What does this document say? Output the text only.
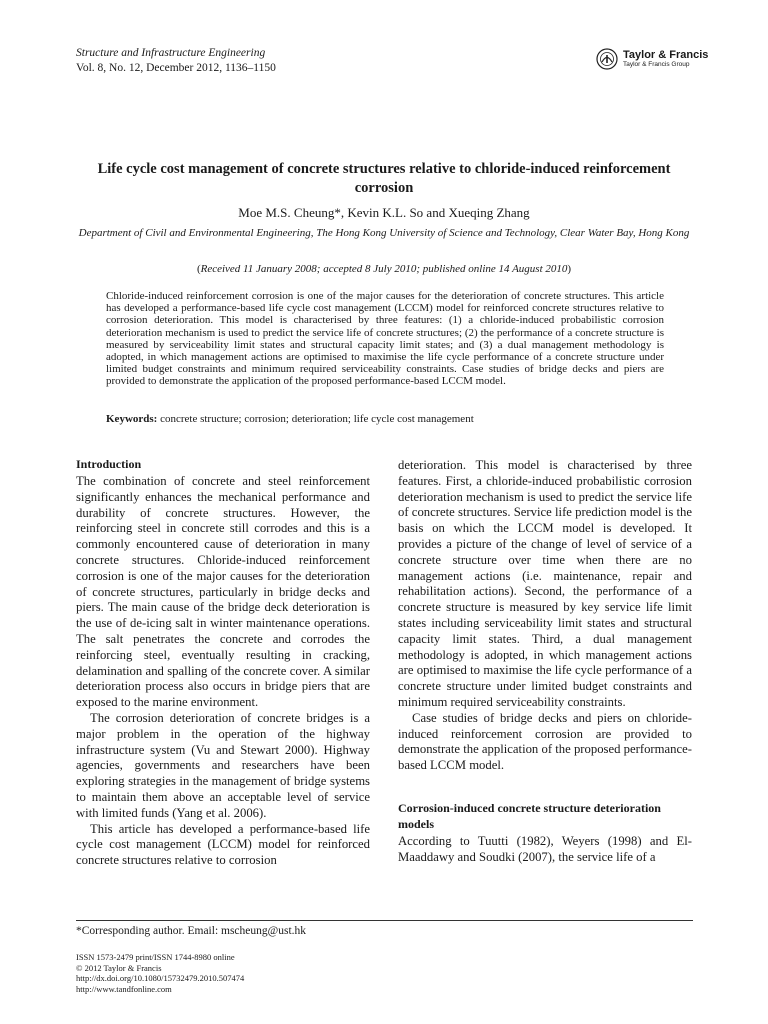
Structure and Infrastructure Engineering
Vol. 8, No. 12, December 2012, 1136–1150
Taylor & Francis
Taylor & Francis Group
Life cycle cost management of concrete structures relative to chloride-induced reinforcement corrosion
Moe M.S. Cheung*, Kevin K.L. So and Xueqing Zhang
Department of Civil and Environmental Engineering, The Hong Kong University of Science and Technology, Clear Water Bay, Hong Kong
(Received 11 January 2008; accepted 8 July 2010; published online 14 August 2010)
Chloride-induced reinforcement corrosion is one of the major causes for the deterioration of concrete structures. This article has developed a performance-based life cycle cost management (LCCM) model for reinforced concrete structures relative to corrosion deterioration. This model is characterised by three features: (1) a chloride-induced probabilistic corrosion deterioration mechanism is used to predict the service life of concrete structures; (2) the performance of a concrete structure is measured by serviceability limit states and structural capacity limit states; and (3) a dual management methodology is adopted, in which management actions are optimised to maximise the life cycle performance of a concrete structure under limited budget constraints and minimum required serviceability constraints. Case studies of bridge decks and piers are provided to demonstrate the application of the proposed performance-based LCCM model.
Keywords: concrete structure; corrosion; deterioration; life cycle cost management
Introduction

The combination of concrete and steel reinforcement significantly enhances the mechanical performance and durability of concrete structures. However, the reinforcing steel in concrete still corrodes and this is a commonly encountered cause of deterioration in many concrete structures. Chloride-induced reinforcement corrosion is one of the major causes for the deterioration of concrete structures, particularly in bridge decks and piers. The main cause of the bridge deck deterioration is the use of de-icing salt in winter maintenance operations. The salt penetrates the concrete and corrodes the reinforcing steel, eventually resulting in cracking, delamination and spalling of the concrete cover. A similar deterioration process also occurs in bridge piers that are exposed to the marine environment.

The corrosion deterioration of concrete bridges is a major problem in the operation of the highway infrastructure system (Vu and Stewart 2000). Highway agencies, governments and researchers have been exploring strategies in the management of bridge systems to maintain them above an acceptable level of service with limited funds (Yang et al. 2006).

This article has developed a performance-based life cycle cost management (LCCM) model for reinforced concrete structures relative to corrosion

deterioration. This model is characterised by three features. First, a chloride-induced probabilistic corrosion deterioration mechanism is used to predict the service life of concrete structures. Service life prediction model is the basis on which the LCCM model is developed. It provides a picture of the change of level of service of a concrete structure over time when there are no management actions (i.e. maintenance, repair and rehabilitation actions). Second, the performance of a concrete structure is measured by key service life limit states including serviceability limit states and structural capacity limit states. Third, a dual management methodology is adopted, in which management actions are optimised to maximise the life cycle performance of a concrete structure under limited budget constraints and minimum required serviceability constraints.

Case studies of bridge decks and piers on chloride-induced reinforcement corrosion are provided to demonstrate the application of the proposed performance-based LCCM model.

Corrosion-induced concrete structure deterioration models

According to Tuutti (1982), Weyers (1998) and El-Maaddawy and Soudki (2007), the service life of a

*Corresponding author. Email: mscheung@ust.hk
ISSN 1573-2479 print/ISSN 1744-8980 online
© 2012 Taylor & Francis
http://dx.doi.org/10.1080/15732479.2010.507474
http://www.tandfonline.com
